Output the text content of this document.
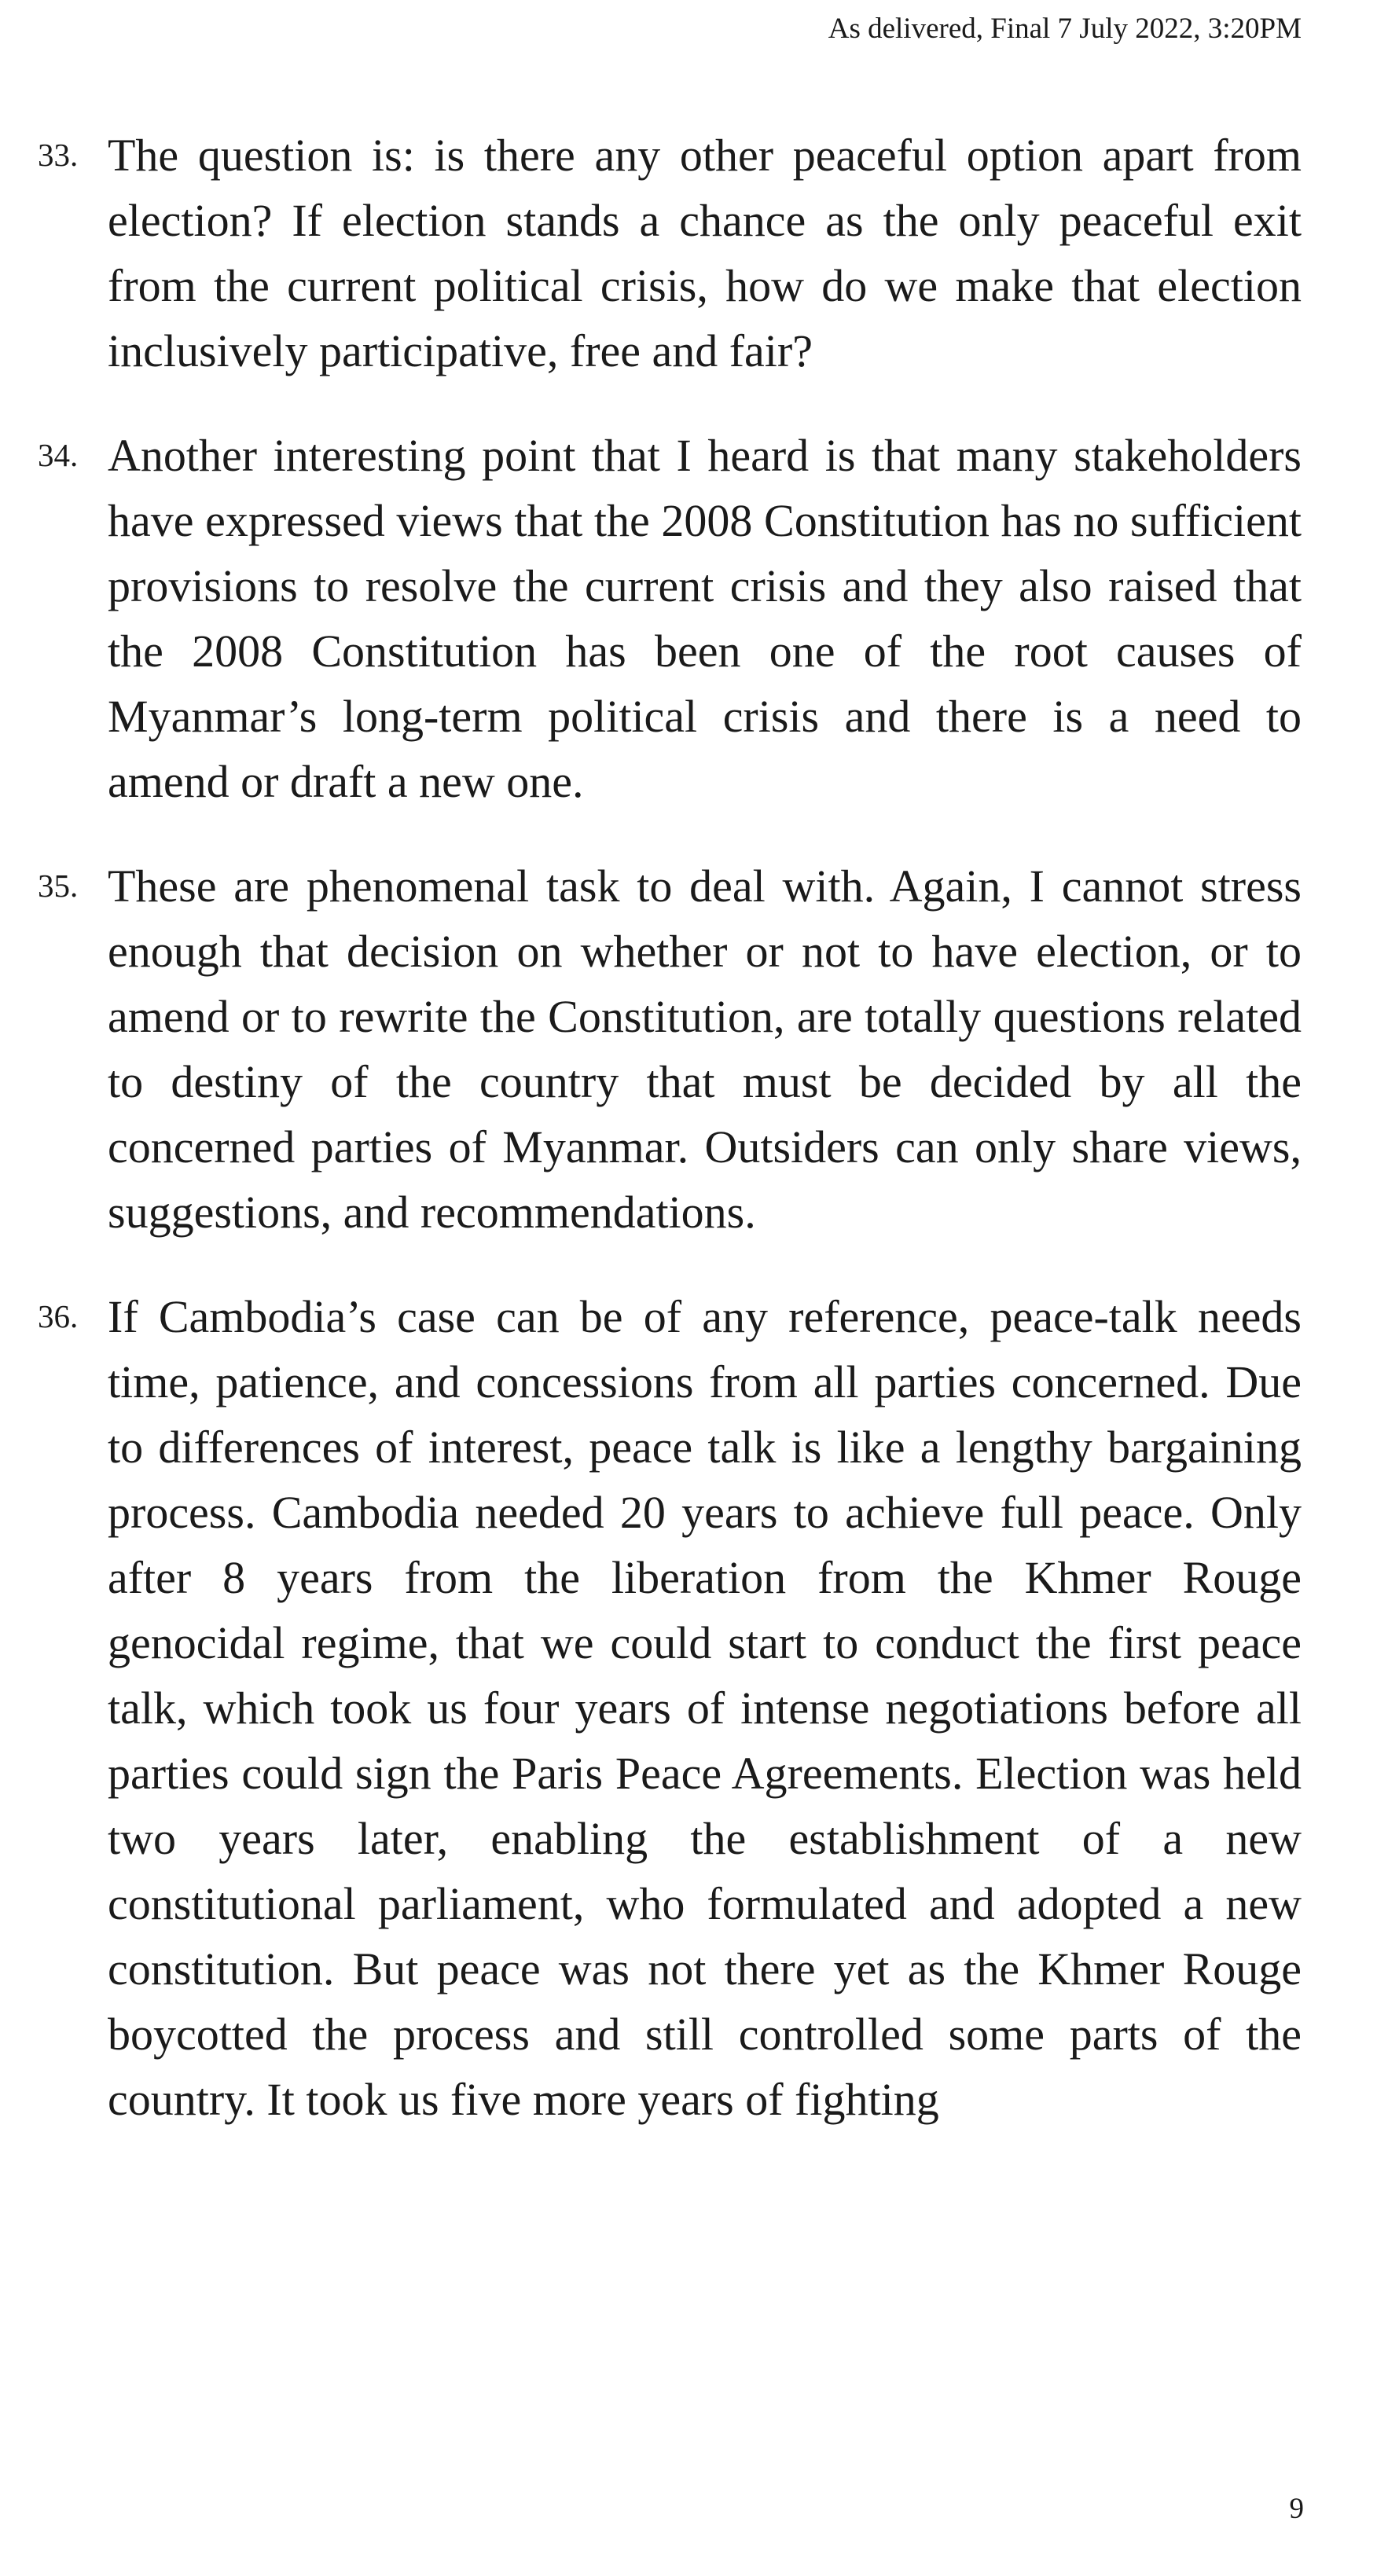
As delivered, Final 7 July 2022, 3:20PM
33. The question is: is there any other peaceful option apart from election? If election stands a chance as the only peaceful exit from the current political crisis, how do we make that election inclusively participative, free and fair?
34. Another interesting point that I heard is that many stakeholders have expressed views that the 2008 Constitution has no sufficient provisions to resolve the current crisis and they also raised that the 2008 Constitution has been one of the root causes of Myanmar’s long-term political crisis and there is a need to amend or draft a new one.
35. These are phenomenal task to deal with. Again, I cannot stress enough that decision on whether or not to have election, or to amend or to rewrite the Constitution, are totally questions related to destiny of the country that must be decided by all the concerned parties of Myanmar. Outsiders can only share views, suggestions, and recommendations.
36. If Cambodia’s case can be of any reference, peace-talk needs time, patience, and concessions from all parties concerned. Due to differences of interest, peace talk is like a lengthy bargaining process. Cambodia needed 20 years to achieve full peace. Only after 8 years from the liberation from the Khmer Rouge genocidal regime, that we could start to conduct the first peace talk, which took us four years of intense negotiations before all parties could sign the Paris Peace Agreements. Election was held two years later, enabling the establishment of a new constitutional parliament, who formulated and adopted a new constitution. But peace was not there yet as the Khmer Rouge boycotted the process and still controlled some parts of the country. It took us five more years of fighting
9
